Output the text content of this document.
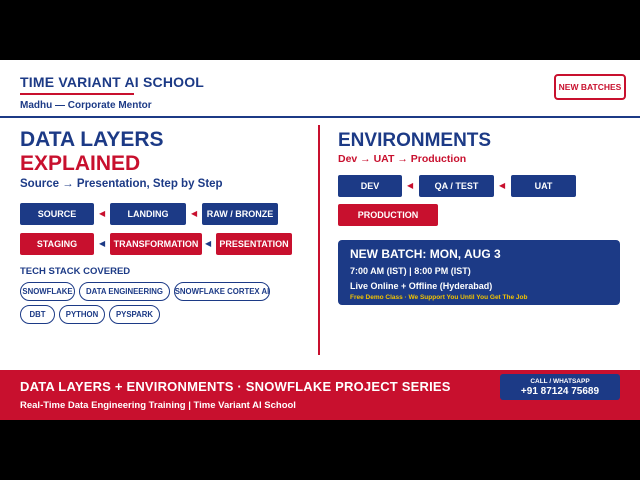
TIME VARIANT AI SCHOOL
Madhu — Corporate Mentor
NEW BATCHES
DATA LAYERS
EXPLAINED
Source → Presentation, Step by Step
SOURCE	◀	LANDING	◀	RAW / BRONZE
STAGING	◀ TRANSFORMATION ◀ PRESENTATION
TECH STACK COVERED
SNOWFLAKE	DATA ENGINEERING	SNOWFLAKE CORTEX AI
DBT	PYTHON	PYSPARK
ENVIRONMENTS
Dev → UAT → Production
DEV	◀	QA / TEST	◀	UAT
PRODUCTION
NEW BATCH: MON, AUG 3
7:00 AM (IST) | 8:00 PM (IST)
Live Online + Offline (Hyderabad)
Free Demo Class · We Support You Until You Get The Job
DATA LAYERS + ENVIRONMENTS · SNOWFLAKE PROJECT SERIES
Real-Time Data Engineering Training | Time Variant AI School
CALL / WHATSAPP
+91 87124 75689
